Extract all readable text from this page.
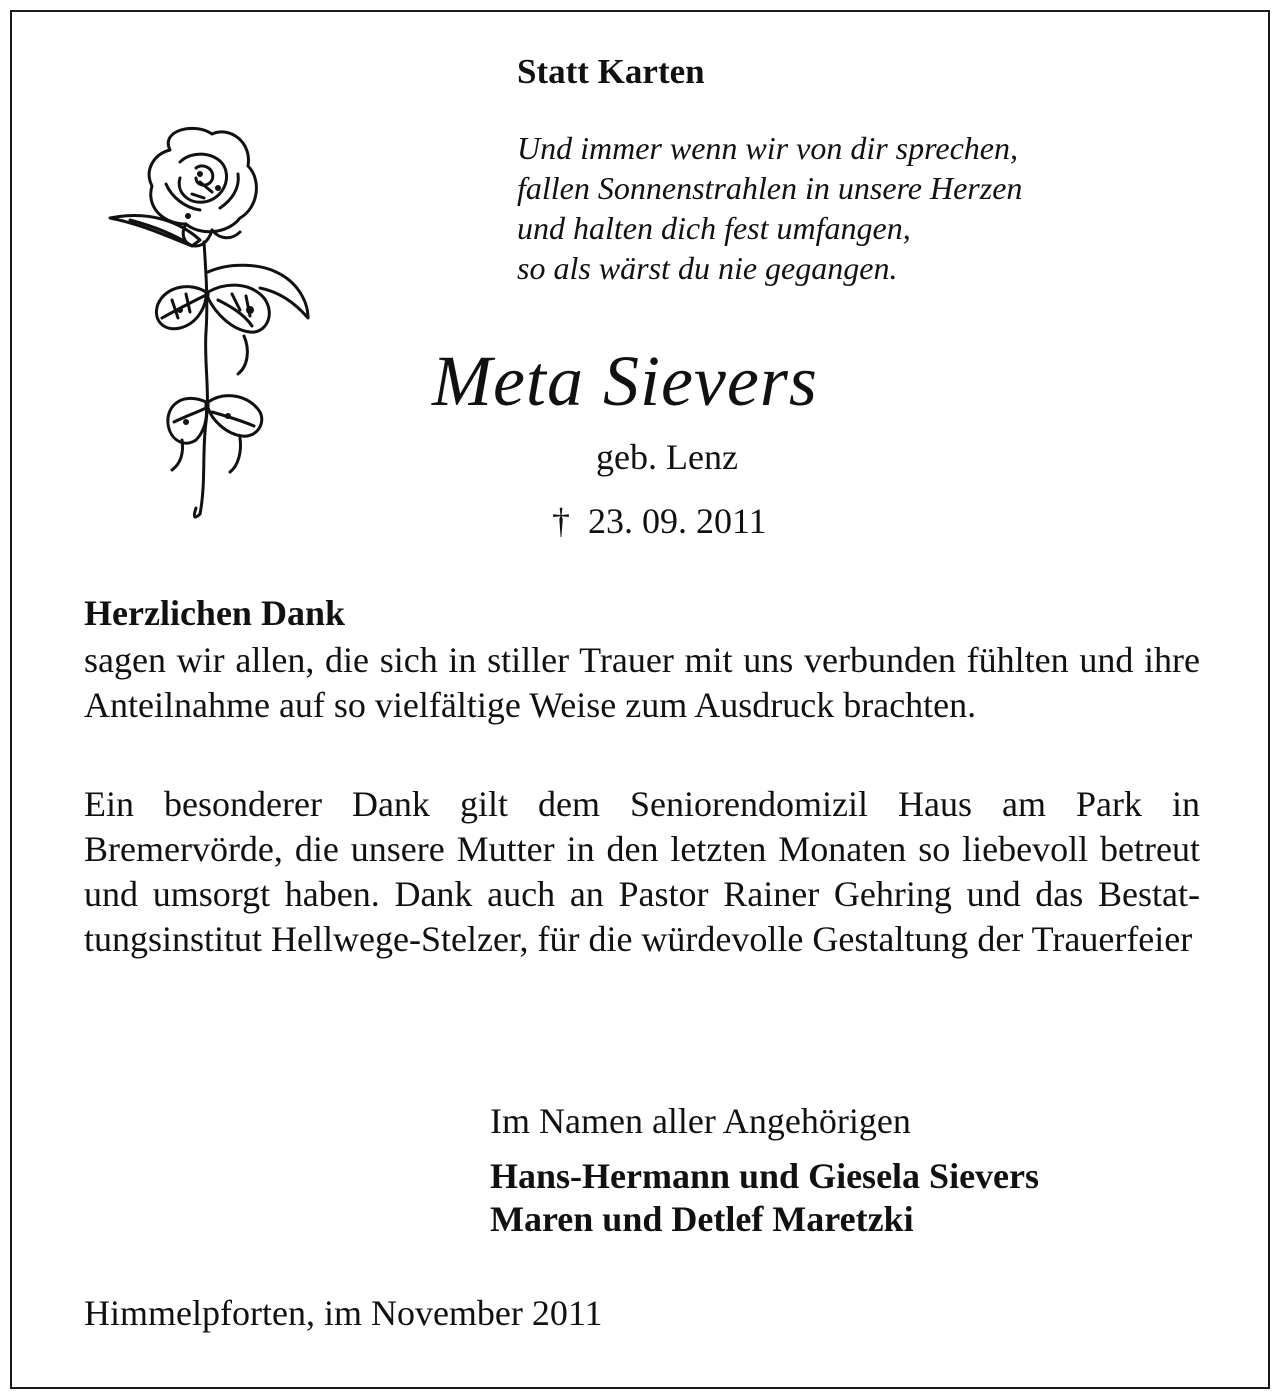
Statt Karten
Und immer wenn wir von dir sprechen,
fallen Sonnenstrahlen in unsere Herzen
und halten dich fest umfangen,
so als wärst du nie gegangen.
Meta Sievers
geb. Lenz
† 23. 09. 2011
Herzlichen Dank
sagen wir allen, die sich in stiller Trauer mit uns verbunden fühlten und ihre Anteilnahme auf so vielfältige Weise zum Ausdruck brachten.
Ein besonderer Dank gilt dem Seniorendomizil Haus am Park in Bremervörde, die unsere Mutter in den letzten Monaten so liebevoll betreut und umsorgt haben. Dank auch an Pastor Rainer Gehring und das Bestattungsinstitut Hellwege-Stelzer, für die würdevolle Gestaltung der Trauerfeier
Im Namen aller Angehörigen
Hans-Hermann und Giesela Sievers
Maren und Detlef Maretzki
Himmelpforten, im November 2011
